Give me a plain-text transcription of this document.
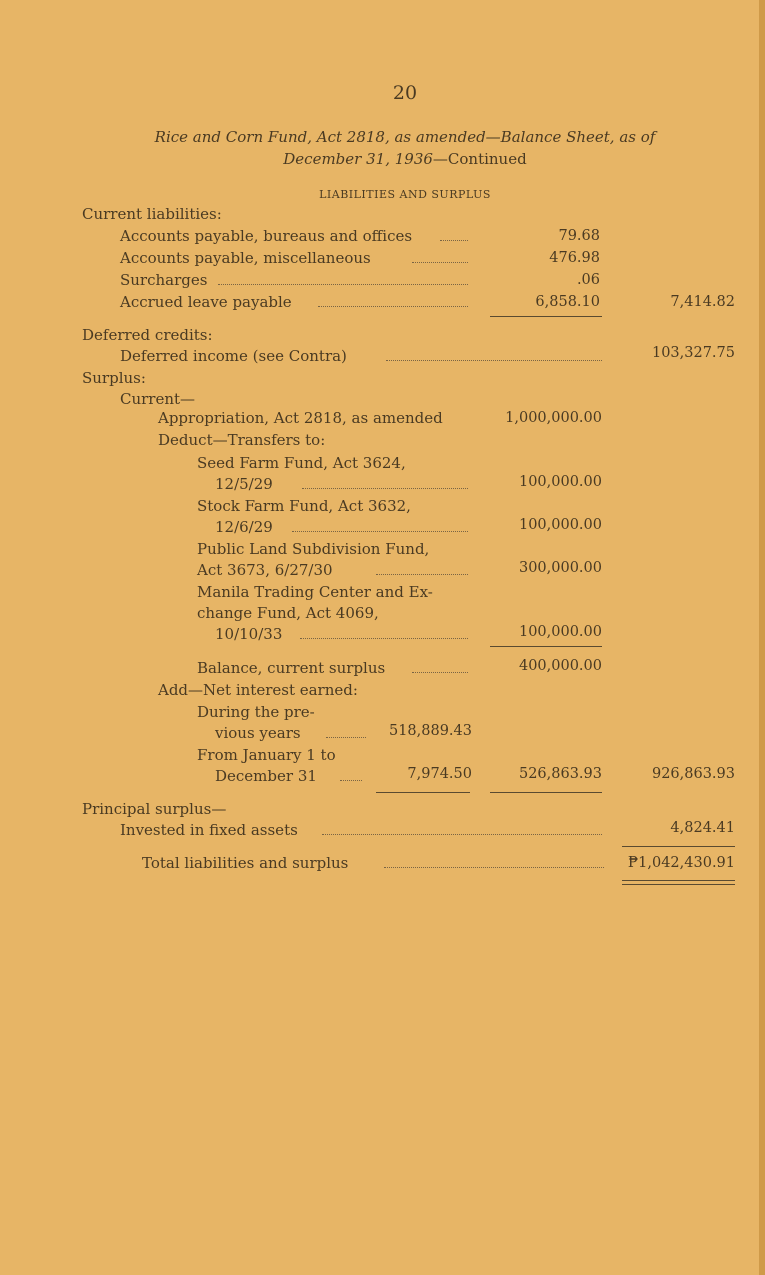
20
Rice and Corn Fund, Act 2818, as amended—Balance Sheet, as of
December 31, 1936—Continued
LIABILITIES AND SURPLUS
Current liabilities:
Accounts payable, bureaus and offices	79.68
Accounts payable, miscellaneous	476.98
Surcharges	.06
Accrued leave payable	6,858.10	7,414.82
Deferred credits:
Deferred income (see Contra)	103,327.75
Surplus:
Current—
Appropriation, Act 2818, as amended	1,000,000.00
Deduct—Transfers to:
Seed Farm Fund, Act 3624,
12/5/29	100,000.00
Stock Farm Fund, Act 3632,
12/6/29	100,000.00
Public Land Subdivision Fund,
Act 3673, 6/27/30	300,000.00
Manila Trading Center and Ex-
change Fund, Act 4069,
10/10/33	100,000.00
Balance, current surplus	400,000.00
Add—Net interest earned:
During the pre-
vious years	518,889.43
From January 1 to
December 31	7,974.50	526,863.93	926,863.93
Principal surplus—
Invested in fixed assets	4,824.41
Total liabilities and surplus	₱1,042,430.91
